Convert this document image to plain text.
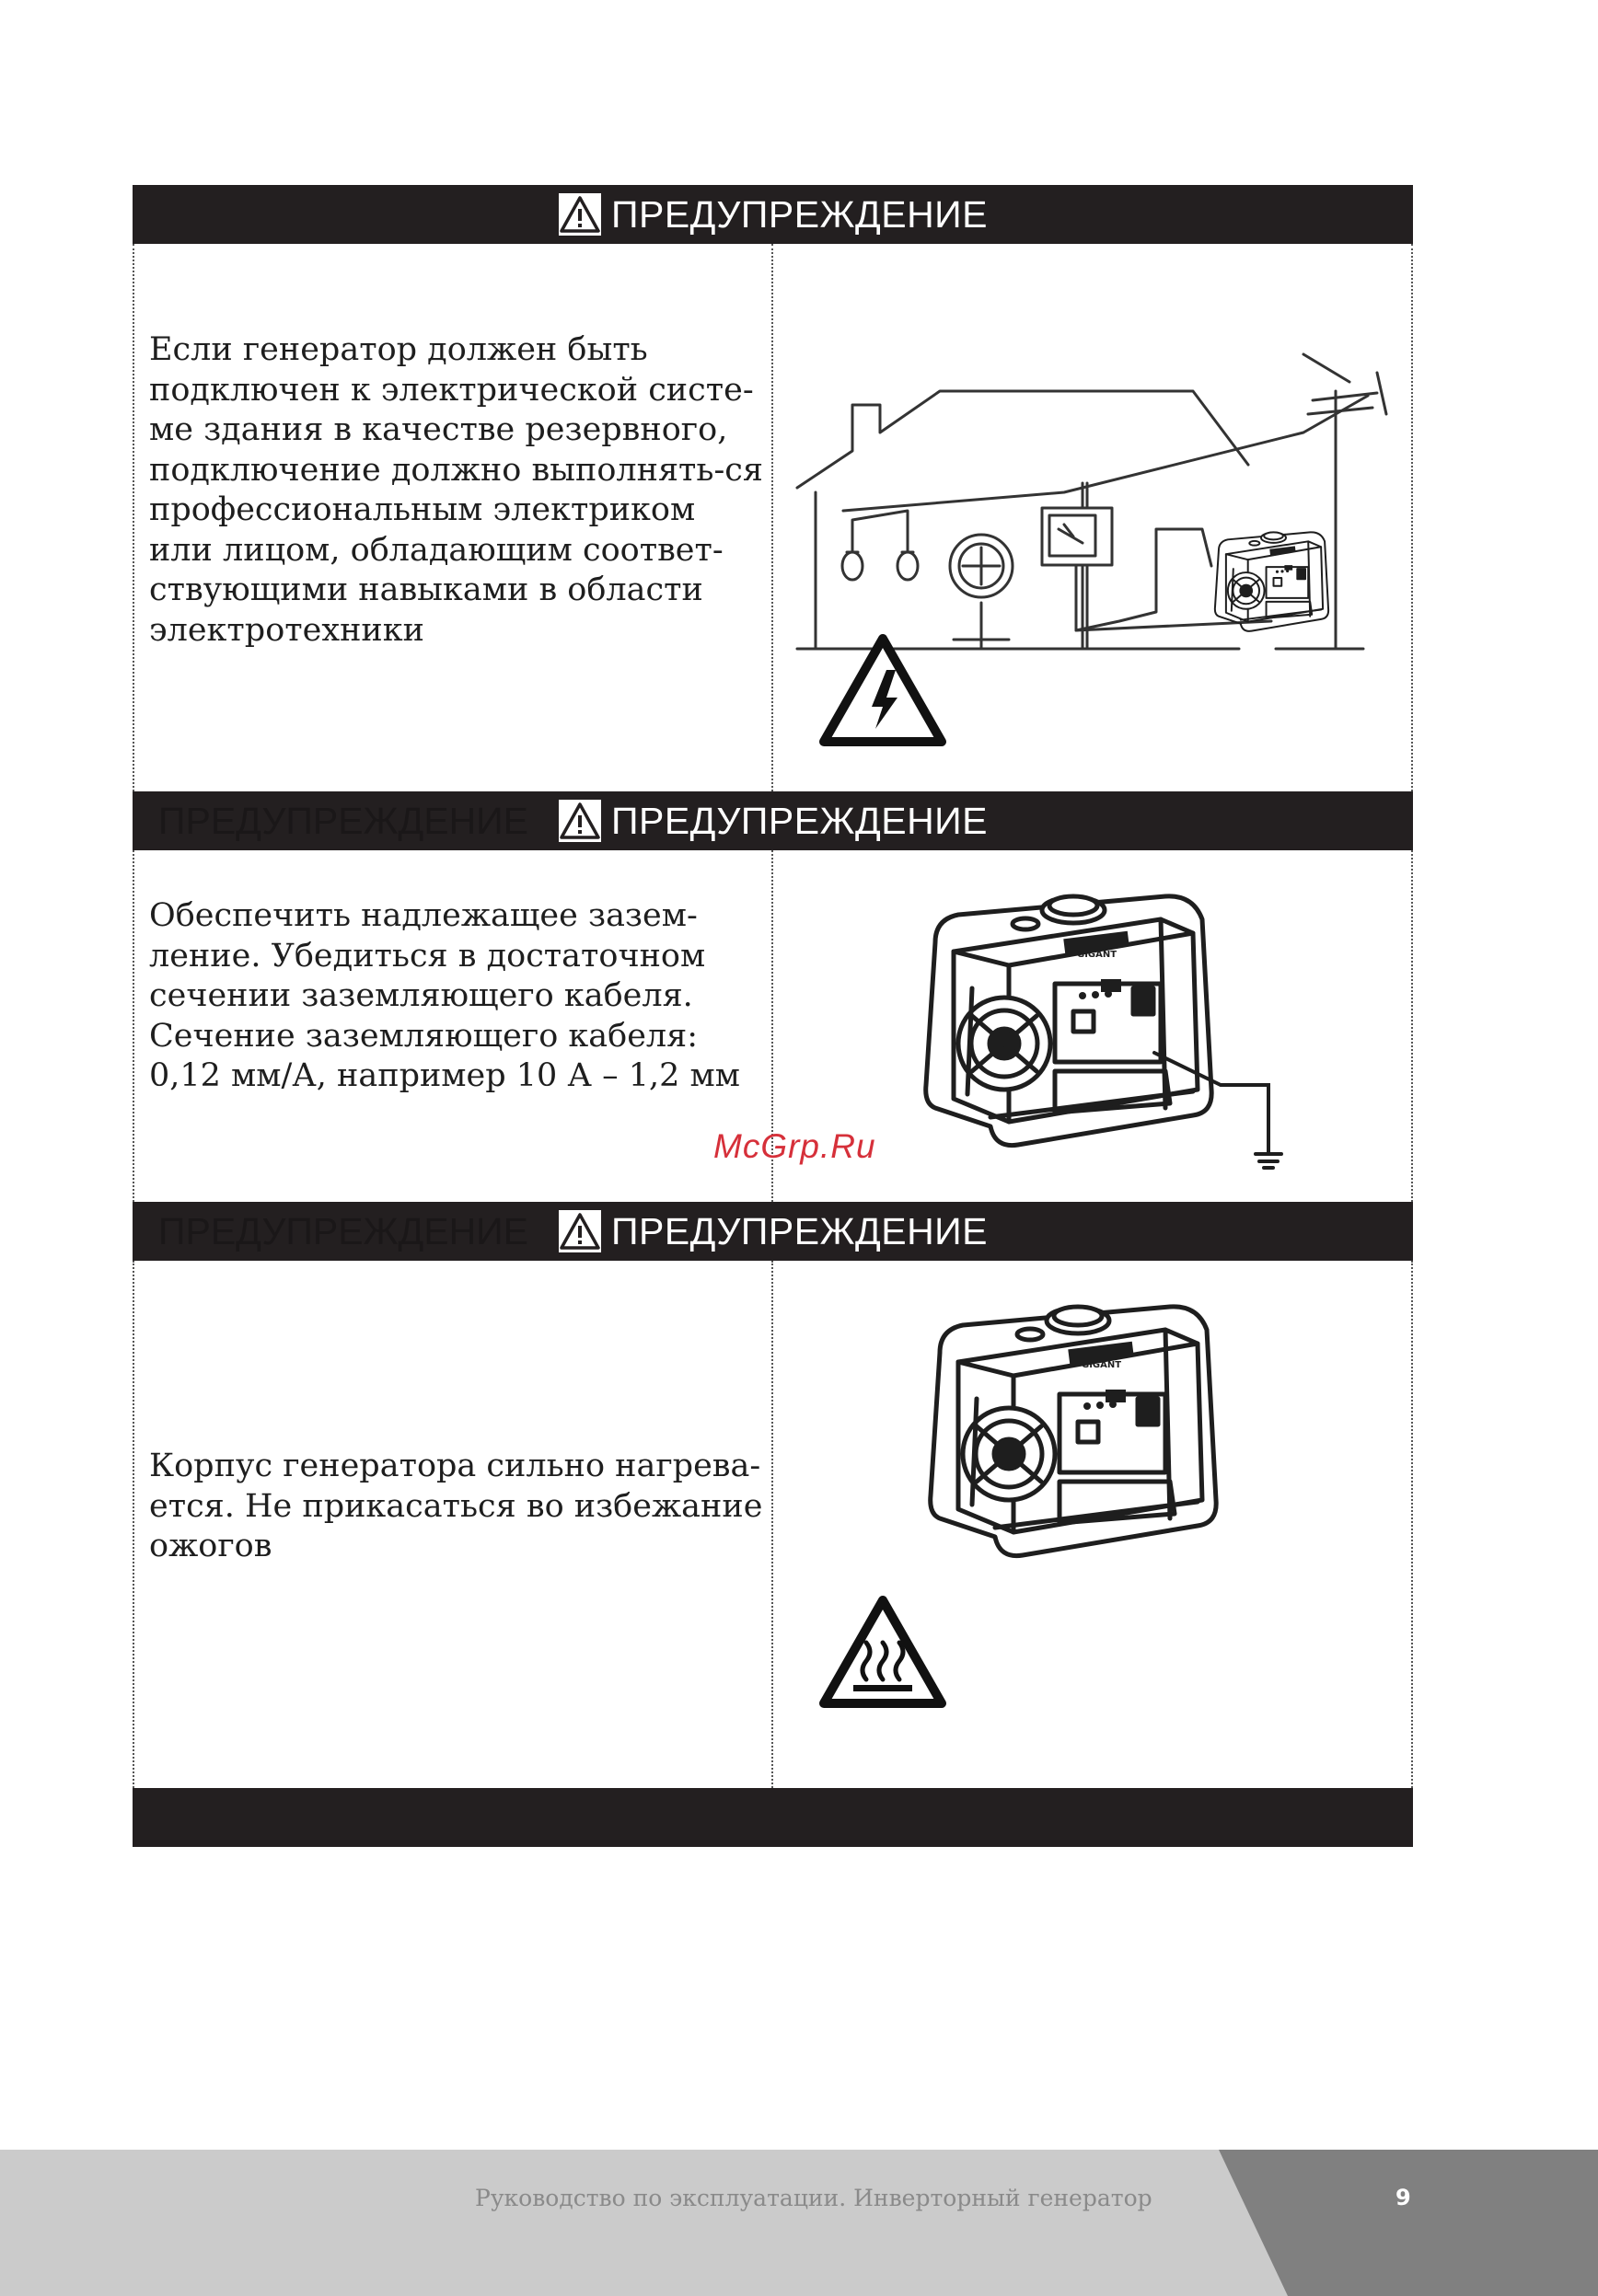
ПРЕДУПРЕЖДЕНИЕ
Если генератор должен быть подключен к электрической систе-ме здания в качестве резервного, подключение должно выполнять-ся профессиональным электриком или лицом, обладающим соответ-ствующими навыками в области электротехники
ПРЕДУПРЕЖДЕНИЕ ПРЕДУПРЕЖДЕНИЕ
Обеспечить надлежащее зазем-ление. Убедиться в достаточном сечении заземляющего кабеля. Сечение заземляющего кабеля: 0,12 мм/А, например 10 А – 1,2 мм
GIGANT
ПРЕДУПРЕЖДЕНИЕ ПРЕДУПРЕЖДЕНИЕ
Корпус генератора сильно нагрева-ется. Не прикасаться во избежание ожогов
GIGANT
McGrp.Ru
Руководство по эксплуатации. Инверторный генератор	9
